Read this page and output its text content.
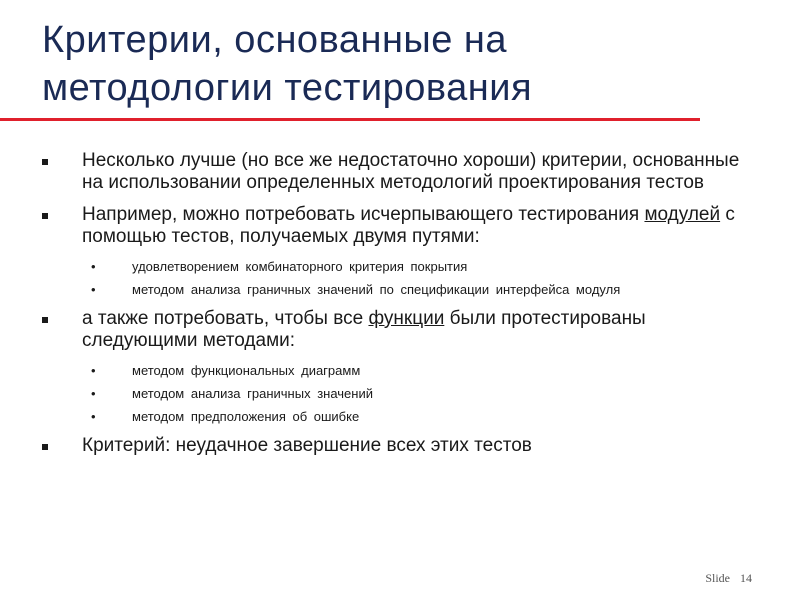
Критерии, основанные на
методологии тестирования
Несколько лучше (но все же недостаточно хороши) критерии, основанные на использовании определенных методологий проектирования тестов
Например, можно потребовать исчерпывающего тестирования модулей с помощью тестов, получаемых двумя путями:
•	удовлетворением комбинаторного критерия покрытия
•	методом анализа граничных значений по спецификации интерфейса модуля
а также потребовать, чтобы все функции были протестированы следующими методами:
•	методом функциональных диаграмм
•	методом анализа граничных значений
•	методом предположения об ошибке
Критерий: неудачное завершение всех этих тестов
Slide 14
